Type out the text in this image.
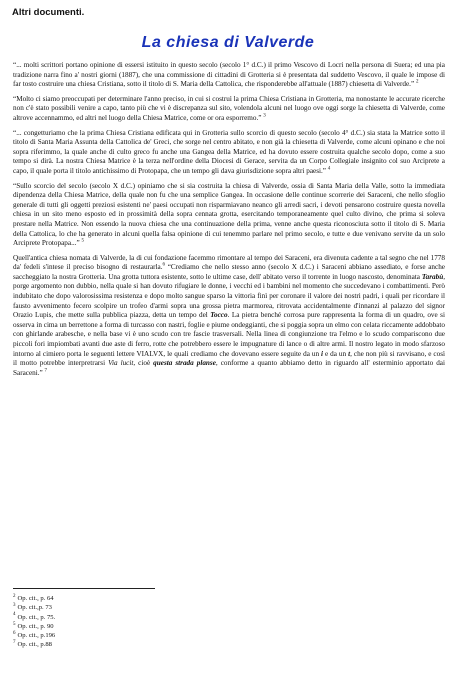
Altri documenti.
La chiesa di Valverde

“... molti scrittori portano opinione di essersi istituito in questo secolo (secolo 1° d.C.) il primo Vescovo di Locri nella persona di Suera; ed una pia tradizione narra fino a' nostri giorni (1887), che una commissione di cittadini di Grotteria si è presentata dal suddetto Vescovo, il quale le impose di far tosto costruire una chiesa Cristiana, sotto il titolo di S. Maria della Cattolica, che risponderebbe all'attuale (1887) chiesetta di Valverde.” $^2$

“Molto ci siamo preoccupati per determinare l'anno preciso, in cui si costruì la prima Chiesa Cristiana in Grotteria, ma nonostante le accurate ricerche non c'è stato possibili venire a capo, tanto più che vi è discrepanza sul sito, volendola alcuni nel luogo ove oggi sorge la chiesetta di Valverde, come altrove accennammo, ed altri nel luogo della Chiesa Matrice, come or ora esporremo.” $^3$

“... congetturiamo che la prima Chiesa Cristiana edificata qui in Grotteria sullo scorcio di questo secolo (secolo 4° d.C.) sia stata la Matrice sotto il titolo di Santa Maria Assunta della Cattolica de' Greci, che sorge nel centro abitato, e non già la chiesetta di Valverde, come alcuni opinano e che noi sopra riferimmo, la quale anche di culto greco fu anche una Gangea della Matrice, ed ha dovuto essere costruita qualche secolo dopo, come a suo tempo si dirà. La nostra Chiesa Matrice è la terza nell'ordine della Diocesi di Gerace, servita da un Corpo Collegiale insignito col suo Arciprete a capo, il quale porta il titolo antichissimo di Protopapa, che un tempo gli dava giurisdizione sopra altri paesi.” $^4$

“Sullo scorcio del secolo (secolo X d.C.) opiniamo che si sia costruita la chiesa di Valverde, ossia di Santa Maria della Valle, sotto la immediata dipendenza della Chiesa Matrice, della quale non fu che una semplice Gangea. In occasione delle continue scorrerie dei Saraceni, che nello sfoglio generale di tutti gli oggetti preziosi esistenti ne' paesi occupati non risparmiavano neanco gli arredi sacri, i devoti pensarono costruire questa novella chiesa in un sito meno esposto ed in prossimità della sopra cennata grotta, esercitando temporaneamente quel culto divino, che prima si soleva prestare nella Matrice. Non essendo la nuova chiesa che una continuazione della prima, venne anche questa riconosciuta sotto il titolo di S. Maria della Cattolica, lo che ha generato in alcuni quella falsa opinione di cui tenemmo parlare nel primo secolo, e tutte e due venivano servite da un solo Arciprete Protopapa...” $^5$

Quell'antica chiesa nomata di Valverde, la di cui fondazione facemmo rimontare al tempo dei Saraceni, era divenuta cadente a tal segno che nel 1778 da' fedeli s'intese il preciso bisogno di restaurarla.$^6$ “Crediamo che nello stesso anno (secolo X d.C.) i Saraceni abbiano assediato, e forse anche saccheggiato la nostra Grotteria. Una grotta tuttora esistente, sotto le ultime case, dell' abitato verso il torrente in luogo nascosto, denominata Tarabù, porge argomento non dubbio, nella quale si han dovuto rifugiare le donne, i vecchi ed i bambini nel momento che succedevano i combattimenti. Però indubitato che dopo valorosissima resistenza e dopo molto sangue sparso la vittoria finì per coronare il valore dei nostri padri, i quali per ricordare il fausto avvenimento fecero scolpire un trofeo d'armi sopra una grossa pietra marmorea, ritrovata accidentalmente d'innanzi al palazzo del signor Orazio Lupis, che mette sulla pubblica piazza, detta un tempo del Tocco. La pietra benché corrosa pure rappresenta la forma di un quadro, ove si osserva in cima un berrettone a forma di turcasso con nastri, foglie e piume ondeggianti, che si poggia sopra un elmo con celata riccamente addobbato con ghirlande arabesche, e nella base vi è uno scudo con tre fascie trasversali. Nella linea di congiunzione tra l'elmo e lo scudo compariscono due piccoli fori impiombati avanti due aste di ferro, rotte che potrebbero essere le impugnature di lance o di altre armi. Il nostro legato in modo sfarzoso intorno al cimiero porta le seguenti lettere VIALVX, le quali crediamo che dovevano essere seguite da un i e da un t, che non più si ravvisano, e così il motto potrebbe interpretrarsi Via lucit, cioè questa strada planse, conforme a quanto abbiamo detto in riguardo all' esterminio apportato dai Saraceni.” $^7$

$^2$ Op. cit., p. 64
$^3$ Op. cit.,p. 73
$^4$ Op. cit., p. 75.
$^5$ Op. cit., p. 90
$^6$ Op. cit., p.196
$^7$ Op. cit., p.88
